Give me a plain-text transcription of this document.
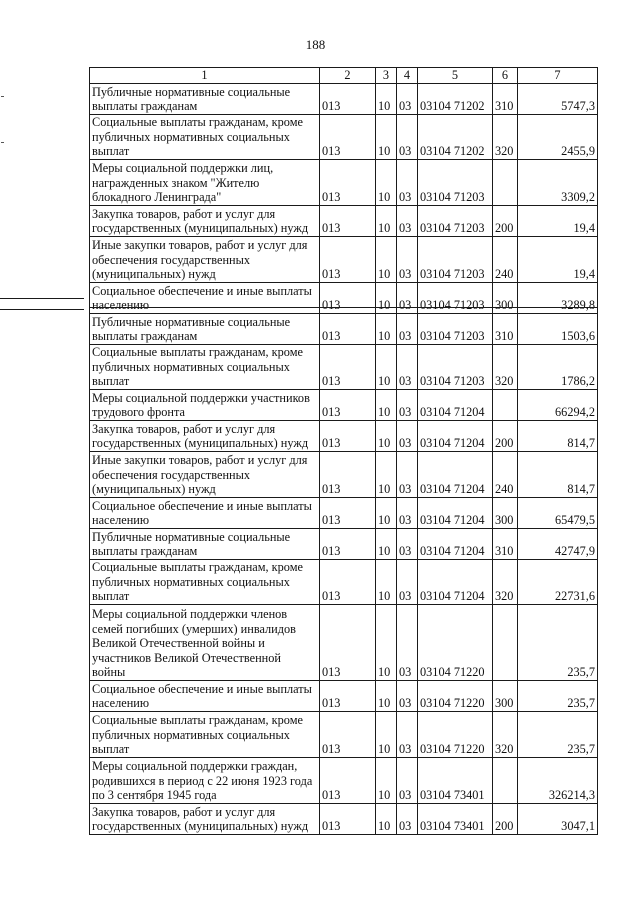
188
1	2	3	4	5	6	7
Публичные нормативные социальные выплаты гражданам	013	10	03	03104 71202	310	5747,3
Социальные выплаты гражданам, кроме публичных нормативных социальных выплат	013	10	03	03104 71202	320	2455,9
Меры социальной поддержки лиц, награжденных знаком "Жителю блокадного Ленинграда"	013	10	03	03104 71203		3309,2
Закупка товаров, работ и услуг для государственных (муниципальных) нужд	013	10	03	03104 71203	200	19,4
Иные закупки товаров, работ и услуг для обеспечения государственных (муниципальных) нужд	013	10	03	03104 71203	240	19,4
Социальное обеспечение и иные выплаты населению	013	10	03	03104 71203	300	3289,8
Публичные нормативные социальные выплаты гражданам	013	10	03	03104 71203	310	1503,6
Социальные выплаты гражданам, кроме публичных нормативных социальных выплат	013	10	03	03104 71203	320	1786,2
Меры социальной поддержки участников трудового фронта	013	10	03	03104 71204		66294,2
Закупка товаров, работ и услуг для государственных (муниципальных) нужд	013	10	03	03104 71204	200	814,7
Иные закупки товаров, работ и услуг для обеспечения государственных (муниципальных) нужд	013	10	03	03104 71204	240	814,7
Социальное обеспечение и иные выплаты населению	013	10	03	03104 71204	300	65479,5
Публичные нормативные социальные выплаты гражданам	013	10	03	03104 71204	310	42747,9
Социальные выплаты гражданам, кроме публичных нормативных социальных выплат	013	10	03	03104 71204	320	22731,6
Меры социальной поддержки членов семей погибших (умерших) инвалидов Великой Отечественной войны и участников Великой Отечественной войны	013	10	03	03104 71220		235,7
Социальное обеспечение и иные выплаты населению	013	10	03	03104 71220	300	235,7
Социальные выплаты гражданам, кроме публичных нормативных социальных выплат	013	10	03	03104 71220	320	235,7
Меры социальной поддержки граждан, родившихся в период с 22 июня 1923 года по 3 сентября 1945 года	013	10	03	03104 73401		326214,3
Закупка товаров, работ и услуг для государственных (муниципальных) нужд	013	10	03	03104 73401	200	3047,1
